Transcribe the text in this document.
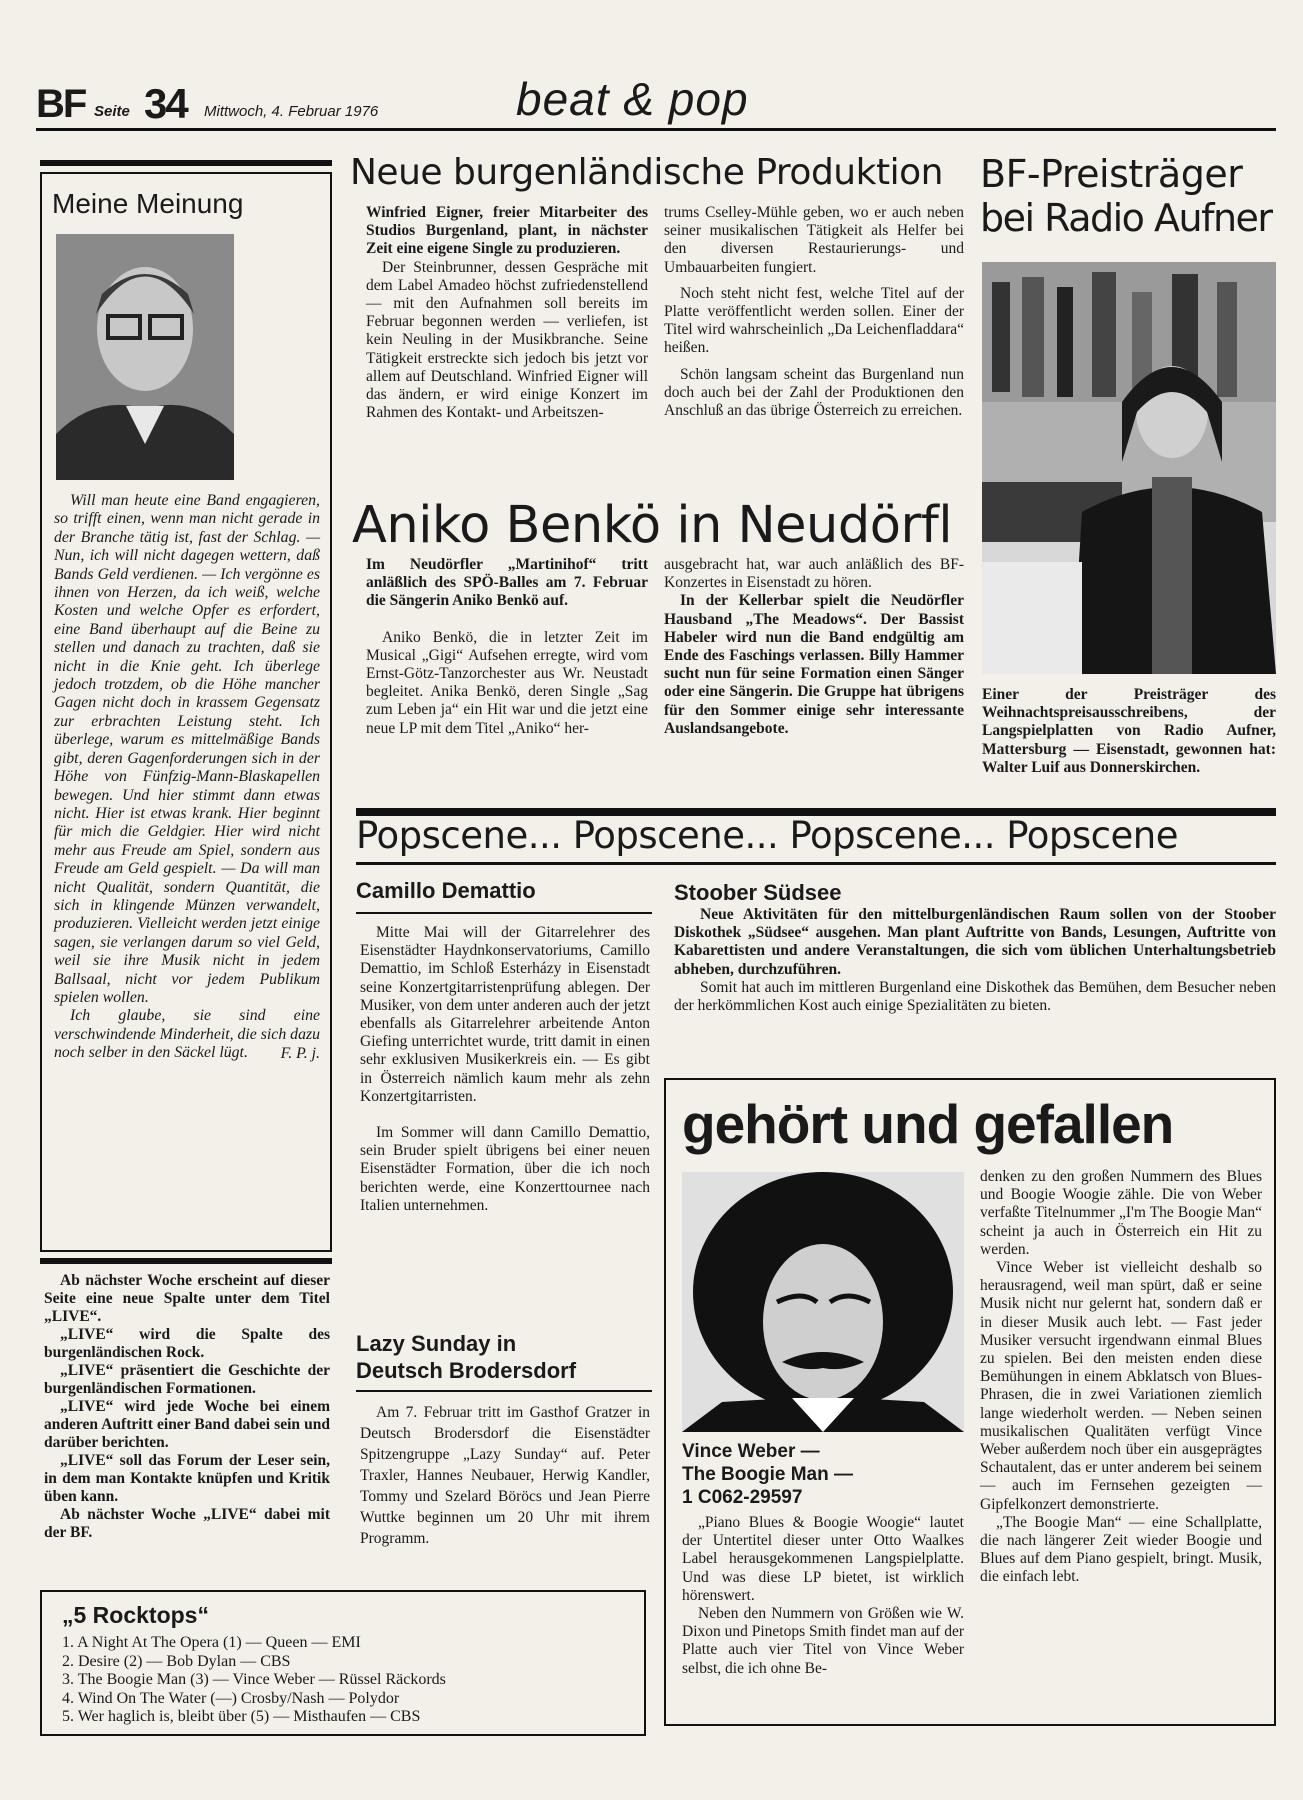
BF Seite 34 Mittwoch, 4. Februar 1976	beat & pop
Meine Meinung

Will man heute eine Band engagieren, so trifft einen, wenn man nicht gerade in der Branche tätig ist, fast der Schlag. — Nun, ich will nicht dagegen wettern, daß Bands Geld verdienen. — Ich vergönne es ihnen von Herzen, da ich weiß, welche Kosten und welche Opfer es erfordert, eine Band überhaupt auf die Beine zu stellen und danach zu trachten, daß sie nicht in die Knie geht. Ich überlege jedoch trotzdem, ob die Höhe mancher Gagen nicht doch in krassem Gegensatz zur erbrachten Leistung steht. Ich überlege, warum es mittelmäßige Bands gibt, deren Gagenforderungen sich in der Höhe von Fünfzig-Mann-Blaskapellen bewegen. Und hier stimmt dann etwas nicht. Hier ist etwas krank. Hier beginnt für mich die Geldgier. Hier wird nicht mehr aus Freude am Spiel, sondern aus Freude am Geld gespielt. — Da will man nicht Qualität, sondern Quantität, die sich in klingende Münzen verwandelt, produzieren. Vielleicht werden jetzt einige sagen, sie verlangen darum so viel Geld, weil sie ihre Musik nicht in jedem Ballsaal, nicht vor jedem Publikum spielen wollen.

Ich glaube, sie sind eine verschwindende Minderheit, die sich dazu noch selber in den Säckel lügt.	F. P. j.

Ab nächster Woche erscheint auf dieser Seite eine neue Spalte unter dem Titel „LIVE“.

„LIVE“ wird die Spalte des burgenländischen Rock.

„LIVE“ präsentiert die Geschichte der burgenländischen Formationen.

„LIVE“ wird jede Woche bei einem anderen Auftritt einer Band dabei sein und darüber berichten.

„LIVE“ soll das Forum der Leser sein, in dem man Kontakte knüpfen und Kritik üben kann.

Ab nächster Woche „LIVE“ dabei mit der BF.

„5 Rocktops“
1. A Night At The Opera (1) — Queen — EMI
2. Desire (2) — Bob Dylan — CBS
3. The Boogie Man (3) — Vince Weber — Rüssel Räckords
4. Wind On The Water (—) Crosby/Nash — Polydor
5. Wer haglich is, bleibt über (5) — Misthaufen — CBS
Neue burgenländische Produktion

Winfried Eigner, freier Mitarbeiter des Studios Burgenland, plant, in nächster Zeit eine eigene Single zu produzieren.

Der Steinbrunner, dessen Gespräche mit dem Label Amadeo höchst zufriedenstellend — mit den Aufnahmen soll bereits im Februar begonnen werden — verliefen, ist kein Neuling in der Musikbranche. Seine Tätigkeit erstreckte sich jedoch bis jetzt vor allem auf Deutschland. Winfried Eigner will das ändern, er wird einige Konzert im Rahmen des Kontakt- und Arbeitszen-

trums Cselley-Mühle geben, wo er auch neben seiner musikalischen Tätigkeit als Helfer bei den diversen Restaurierungs- und Umbauarbeiten fungiert.

Noch steht nicht fest, welche Titel auf der Platte veröffentlicht werden sollen. Einer der Titel wird wahrscheinlich „Da Leichenfladdara“ heißen.

Schön langsam scheint das Burgenland nun doch auch bei der Zahl der Produktionen den Anschluß an das übrige Österreich zu erreichen.

Aniko Benkö in Neudörfl

Im Neudörfler „Martinihof“ tritt anläßlich des SPÖ-Balles am 7. Februar die Sängerin Aniko Benkö auf.

Aniko Benkö, die in letzter Zeit im Musical „Gigi“ Aufsehen erregte, wird vom Ernst-Götz-Tanzorchester aus Wr. Neustadt begleitet. Anika Benkö, deren Single „Sag zum Leben ja“ ein Hit war und die jetzt eine neue LP mit dem Titel „Aniko“ her-

ausgebracht hat, war auch anläßlich des BF-Konzertes in Eisenstadt zu hören.

In der Kellerbar spielt die Neudörfler Hausband „The Meadows“. Der Bassist Habeler wird nun die Band endgültig am Ende des Faschings verlassen. Billy Hammer sucht nun für seine Formation einen Sänger oder eine Sängerin. Die Gruppe hat übrigens für den Sommer einige sehr interessante Auslandsangebote.

BF-Preisträger
bei Radio Aufner
Einer der Preisträger des Weihnachtspreisausschreibens, der Langspielplatten von Radio Aufner, Mattersburg — Eisenstadt, gewonnen hat: Walter Luif aus Donnerskirchen.
Popscene... Popscene... Popscene... Popscene
Camillo Demattio

Mitte Mai will der Gitarrelehrer des Eisenstädter Haydnkonservatoriums, Camillo Demattio, im Schloß Esterházy in Eisenstadt seine Konzertgitarristenprüfung ablegen. Der Musiker, von dem unter anderen auch der jetzt ebenfalls als Gitarrelehrer arbeitende Anton Giefing unterrichtet wurde, tritt damit in einen sehr exklusiven Musikerkreis ein. — Es gibt in Österreich nämlich kaum mehr als zehn Konzertgitarristen.

Im Sommer will dann Camillo Demattio, sein Bruder spielt übrigens bei einer neuen Eisenstädter Formation, über die ich noch berichten werde, eine Konzerttournee nach Italien unternehmen.

Lazy Sunday in
Deutsch Brodersdorf

Am 7. Februar tritt im Gasthof Gratzer in Deutsch Brodersdorf die Eisenstädter Spitzengruppe „Lazy Sunday“ auf. Peter Traxler, Hannes Neubauer, Herwig Kandler, Tommy und Szelard Böröcs und Jean Pierre Wuttke beginnen um 20 Uhr mit ihrem Programm.

Stoober Südsee

Neue Aktivitäten für den mittelburgenländischen Raum sollen von der Stoober Diskothek „Südsee“ ausgehen. Man plant Auftritte von Bands, Lesungen, Auftritte von Kabarettisten und andere Veranstaltungen, die sich vom üblichen Unterhaltungsbetrieb abheben, durchzuführen.

Somit hat auch im mittleren Burgenland eine Diskothek das Bemühen, dem Besucher neben der herkömmlichen Kost auch einige Spezialitäten zu bieten.

gehört und gefallen
Vince Weber —
The Boogie Man —
1 C062-29597

„Piano Blues & Boogie Woogie“ lautet der Untertitel dieser unter Otto Waalkes Label herausgekommenen Langspielplatte. Und was diese LP bietet, ist wirklich hörenswert.

Neben den Nummern von Größen wie W. Dixon und Pinetops Smith findet man auf der Platte auch vier Titel von Vince Weber selbst, die ich ohne Be-

denken zu den großen Nummern des Blues und Boogie Woogie zähle. Die von Weber verfaßte Titelnummer „I'm The Boogie Man“ scheint ja auch in Österreich ein Hit zu werden.

Vince Weber ist vielleicht deshalb so herausragend, weil man spürt, daß er seine Musik nicht nur gelernt hat, sondern daß er in dieser Musik auch lebt. — Fast jeder Musiker versucht irgendwann einmal Blues zu spielen. Bei den meisten enden diese Bemühungen in einem Abklatsch von Blues-Phrasen, die in zwei Variationen ziemlich lange wiederholt werden. — Neben seinen musikalischen Qualitäten verfügt Vince Weber außerdem noch über ein ausgeprägtes Schautalent, das er unter anderem bei seinem — auch im Fernsehen gezeigten — Gipfelkonzert demonstrierte.

„The Boogie Man“ — eine Schallplatte, die nach längerer Zeit wieder Boogie und Blues auf dem Piano gespielt, bringt. Musik, die einfach lebt.
